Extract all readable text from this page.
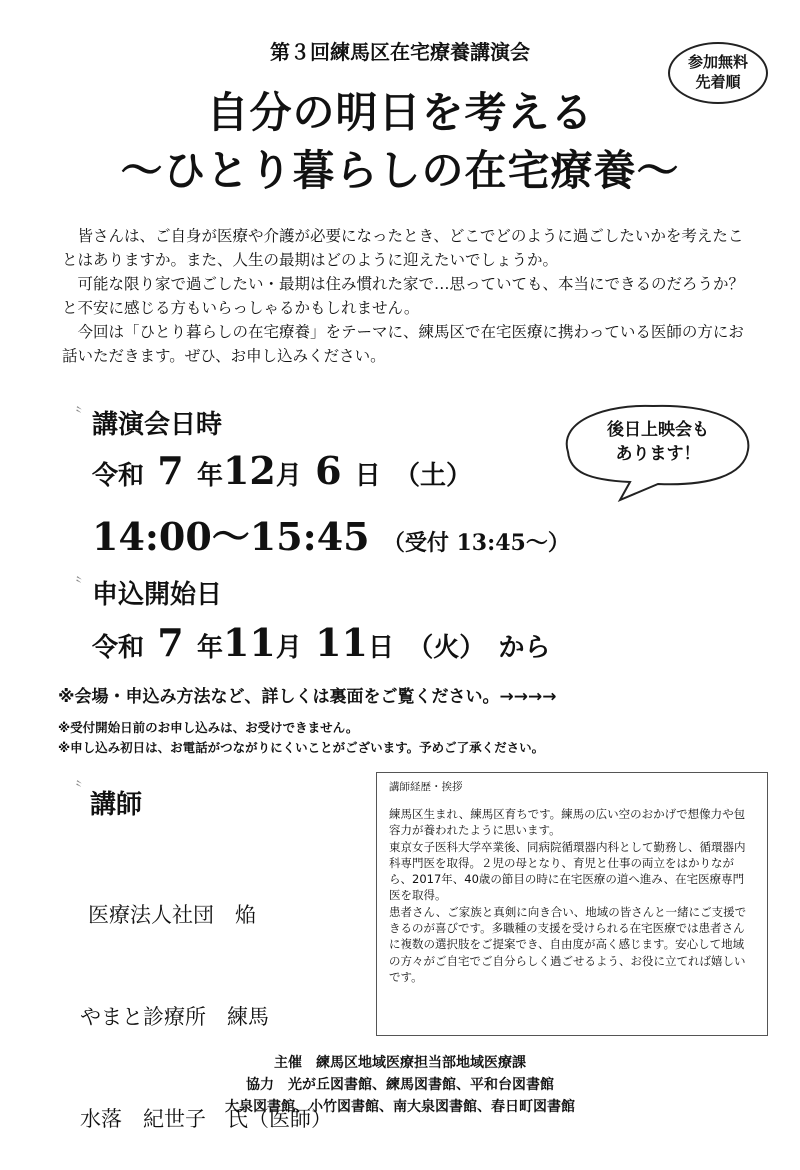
第３回練馬区在宅療養講演会	参加無料
先着順
自分の明日を考える
～ひとり暮らしの在宅療養～

皆さんは、ご自身が医療や介護が必要になったとき、どこでどのように過ごしたいかを考えたことはありますか。また、人生の最期はどのように迎えたいでしょうか。

可能な限り家で過ごしたい・最期は住み慣れた家で…思っていても、本当にできるのだろうか？と不安に感じる方もいらっしゃるかもしれません。

今回は「ひとり暮らしの在宅療養」をテーマに、練馬区で在宅医療に携わっている医師の方にお話いただきます。ぜひ、お申し込みください。

〝 講演会日時
令和 7 年12月 6 日 （土）
14:00～15:45 （受付 13:45～）
後日上映会も
あります！
〝 申込開始日
令和 7 年11月 11日 （火） から
※会場・申込み方法など、詳しくは裏面をご覧ください。→→→→
※受付開始日前のお申し込みは、お受けできません。
※申し込み初日は、お電話がつながりにくいことがございます。予めご了承ください。
〝
講師

医療法人社団　焔

やまと診療所　練馬

水落　紀世子　氏（医師）

講師経歴・挨拶

練馬区生まれ、練馬区育ちです。練馬の広い空のおかげで想像力や包容力が養われたように思います。

東京女子医科大学卒業後、同病院循環器内科として勤務し、循環器内科専門医を取得。２児の母となり、育児と仕事の両立をはかりながら、2017年、40歳の節目の時に在宅医療の道へ進み、在宅医療専門医を取得。

患者さん、ご家族と真剣に向き合い、地域の皆さんと一緒にご支援できるのが喜びです。多職種の支援を受けられる在宅医療では患者さんに複数の選択肢をご提案でき、自由度が高く感じます。安心して地域の方々がご自宅でご自分らしく過ごせるよう、お役に立てれば嬉しいです。

主催　練馬区地域医療担当部地域医療課
協力　光が丘図書館、練馬図書館、平和台図書館
大泉図書館、小竹図書館、南大泉図書館、春日町図書館
